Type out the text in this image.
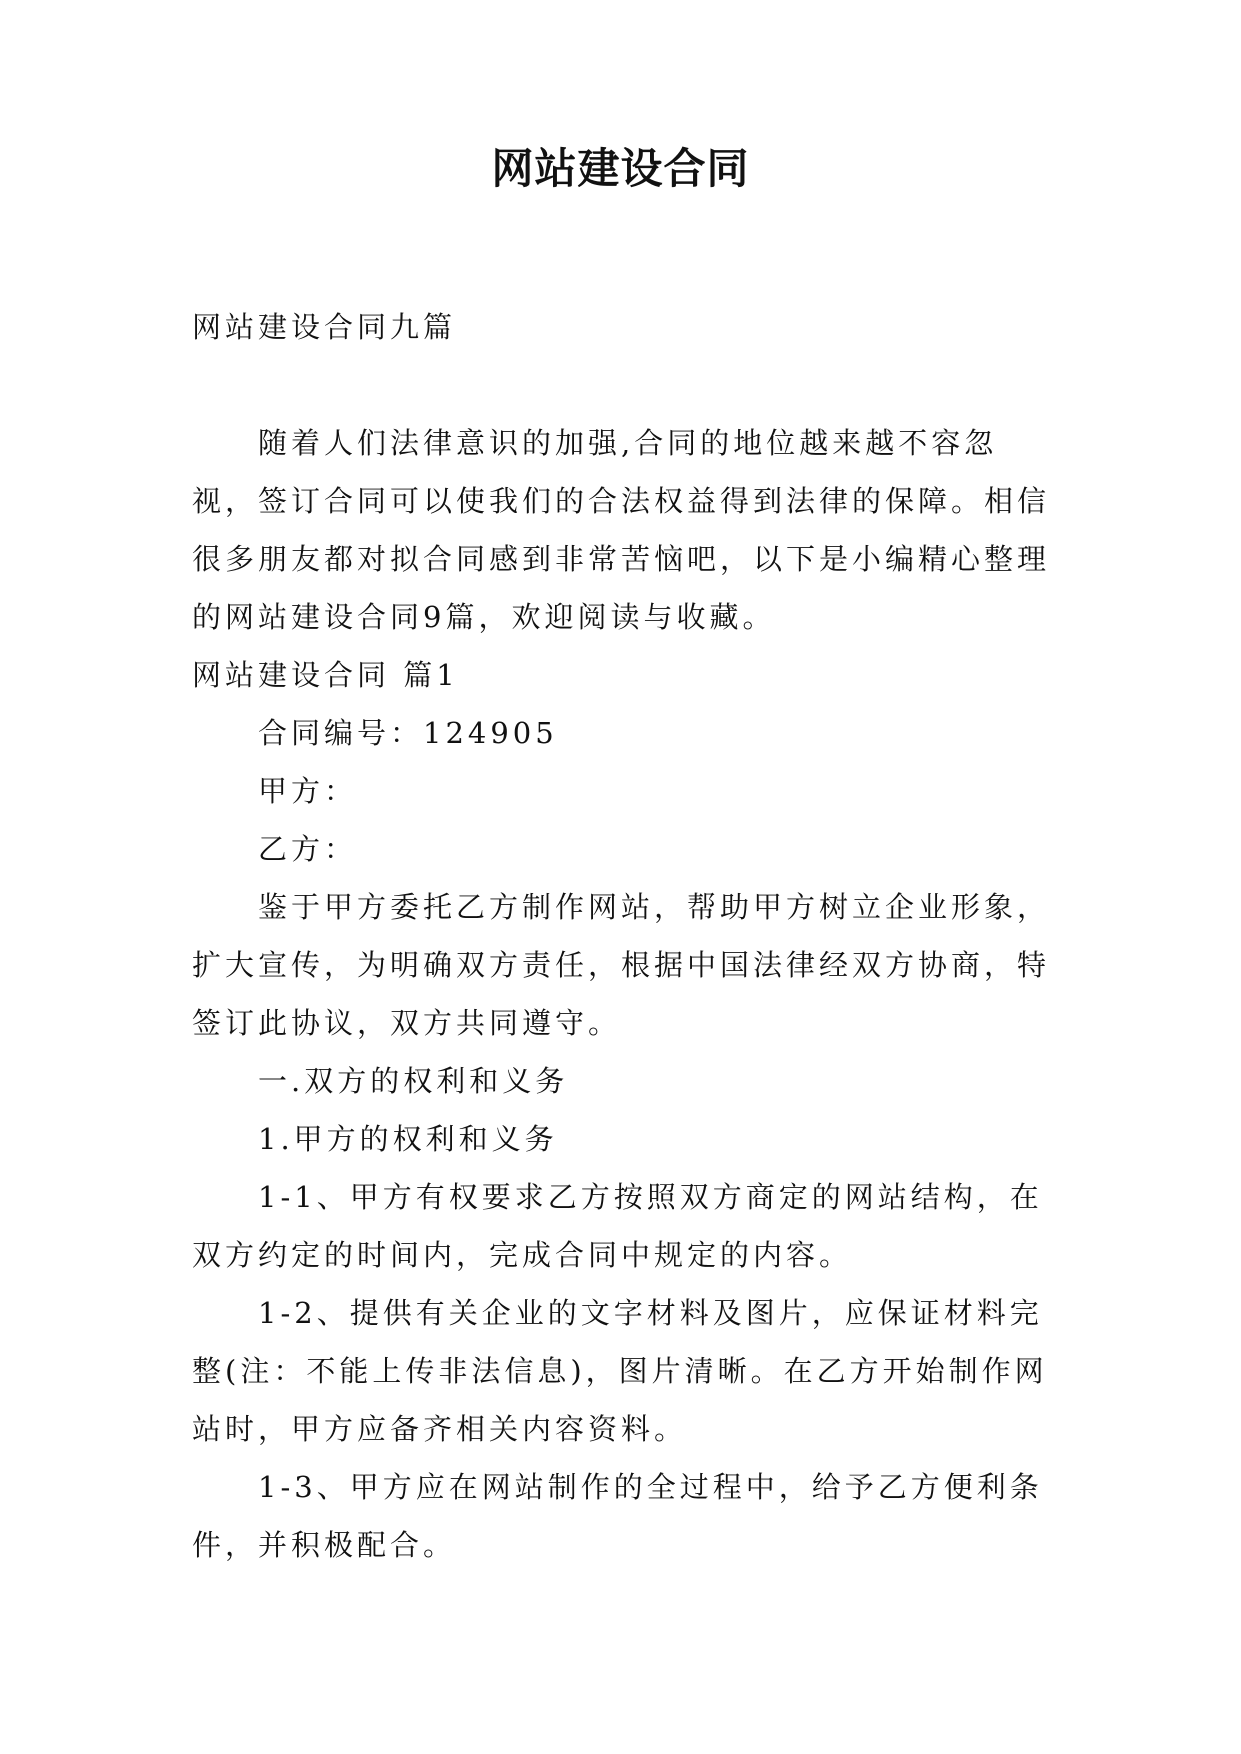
网站建设合同

网站建设合同九篇

随着人们法律意识的加强,合同的地位越来越不容忽视，签订合同可以使我们的合法权益得到法律的保障。相信很多朋友都对拟合同感到非常苦恼吧，以下是小编精心整理的网站建设合同9篇，欢迎阅读与收藏。

网站建设合同 篇1

合同编号：124905

甲方：

乙方：

鉴于甲方委托乙方制作网站，帮助甲方树立企业形象，扩大宣传，为明确双方责任，根据中国法律经双方协商，特签订此协议，双方共同遵守。

一.双方的权利和义务

1.甲方的权利和义务

1-1、甲方有权要求乙方按照双方商定的网站结构，在双方约定的时间内，完成合同中规定的内容。

1-2、提供有关企业的文字材料及图片，应保证材料完整(注：不能上传非法信息)，图片清晰。在乙方开始制作网站时，甲方应备齐相关内容资料。

1-3、甲方应在网站制作的全过程中，给予乙方便利条件，并积极配合。
